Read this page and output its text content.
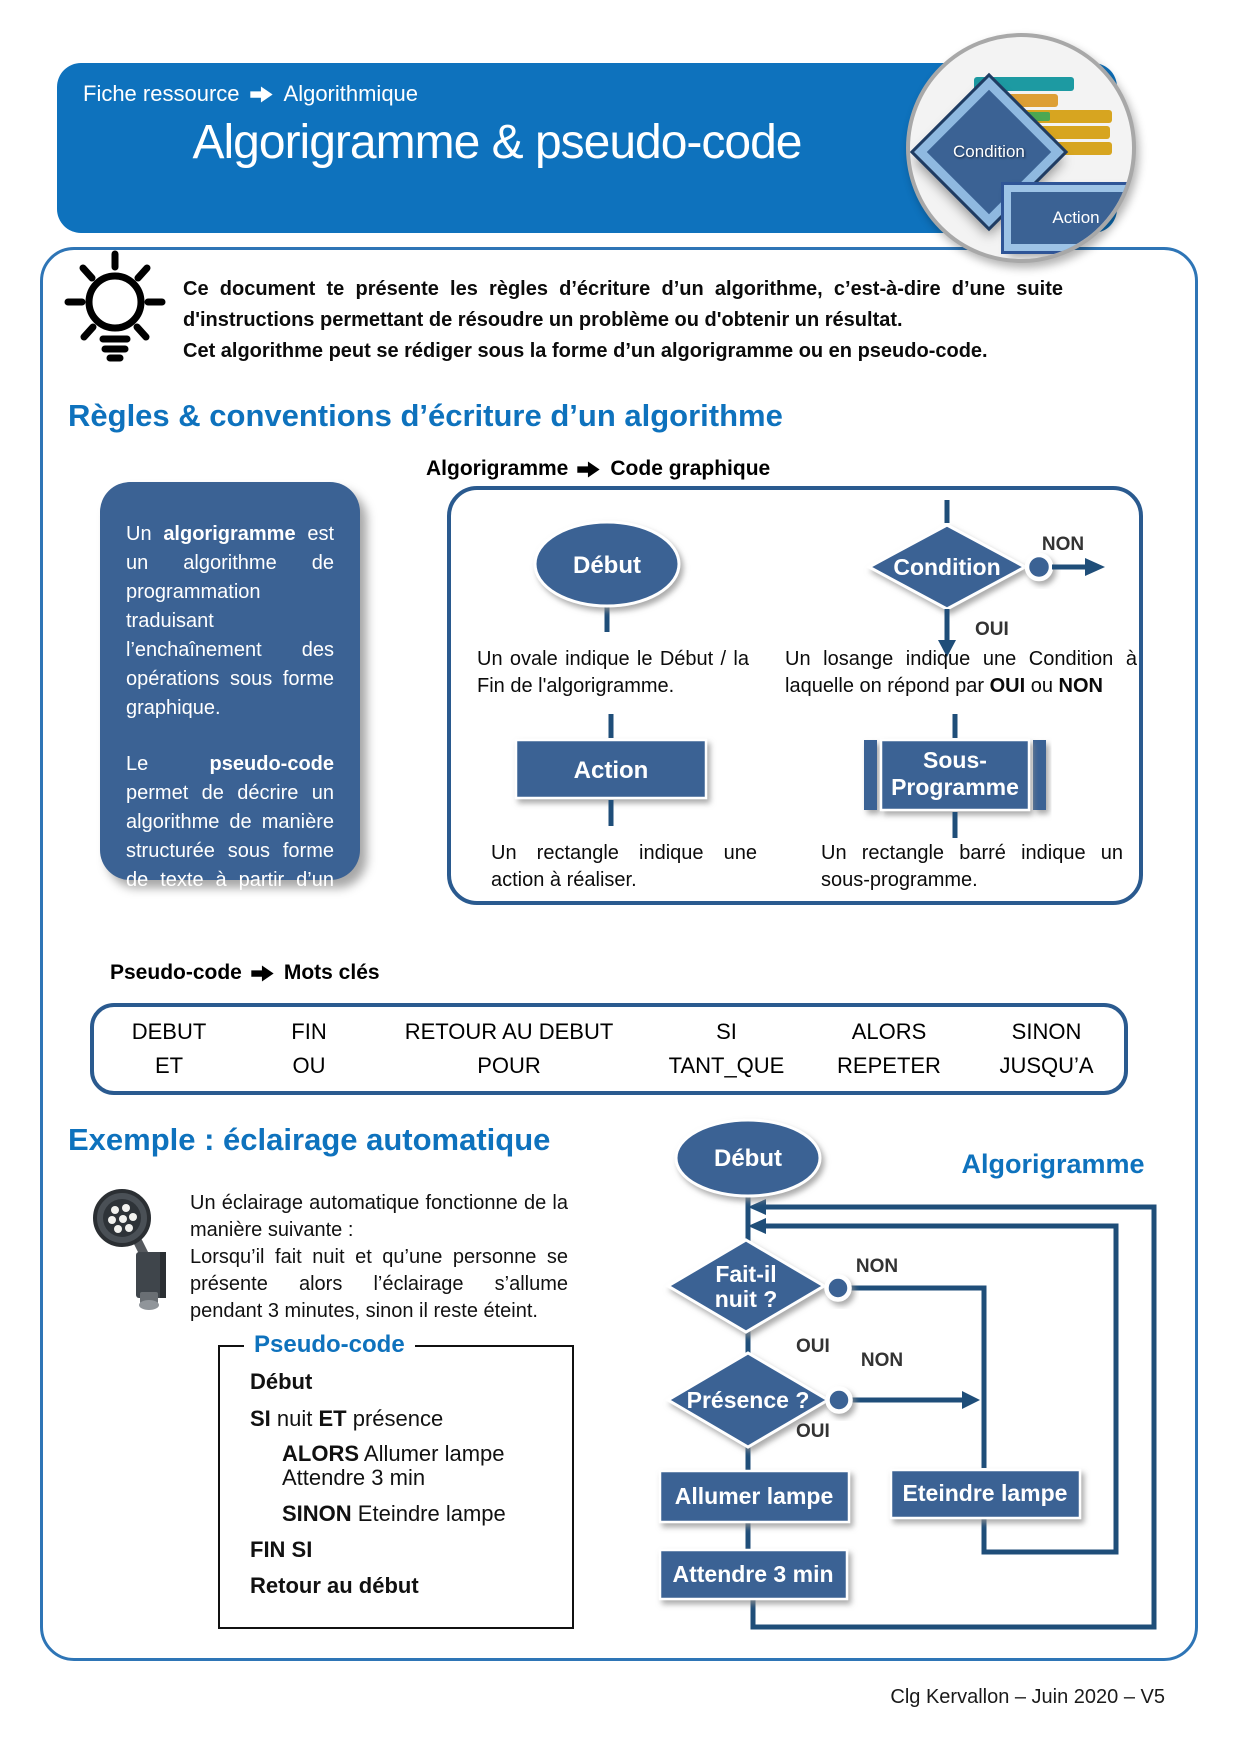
Fiche ressource Algorithmique
Algorigramme & pseudo-code	Condition
Action

Ce document te présente les règles d’écriture d’un algorithme, c’est-à-dire d’une suite d'instructions permettant de résoudre un problème ou d'obtenir un résultat.

Cet algorithme peut se rédiger sous la forme d’un algorigramme ou en pseudo-code.

Règles & conventions d’écriture d’un algorithme
Algorigramme Code graphique
Un algorigramme est un algorithme de programmation traduisant l’enchaînement des opérations sous forme graphique.
Le pseudo-code permet de décrire un algorithme de manière structurée sous forme de texte à partir d’un vocabulaire simple.
Début	Condition
NON
OUI
Action	Sous-
Programme
Un ovale indique le Début / la Fin de l'algorigramme.
Un losange indique une Condition à laquelle on répond par OUI ou NON
Un rectangle indique une action à réaliser.
Un rectangle barré indique un sous-programme.
Pseudo-code Mots clés
DEBUT	FIN	RETOUR AU DEBUT	SI	ALORS	SINON
ET	OU	POUR	TANT_QUE	REPETER	JUSQU’A
Exemple : éclairage automatique

Un éclairage automatique fonctionne de la manière suivante :

Lorsqu’il fait nuit et qu’une personne se présente alors l’éclairage s’allume pendant 3 minutes, sinon il reste éteint.

Pseudo-code
Début
SI nuit ET présence
ALORS Allumer lampe
Attendre 3 min
SINON Eteindre lampe
FIN SI
Retour au début
Algorigramme
Début
Fait-il
nuit ?
NON
OUI
Présence ?
NON
OUI
Allumer lampe	Eteindre lampe
Attendre 3 min
Clg Kervallon – Juin 2020 – V5
